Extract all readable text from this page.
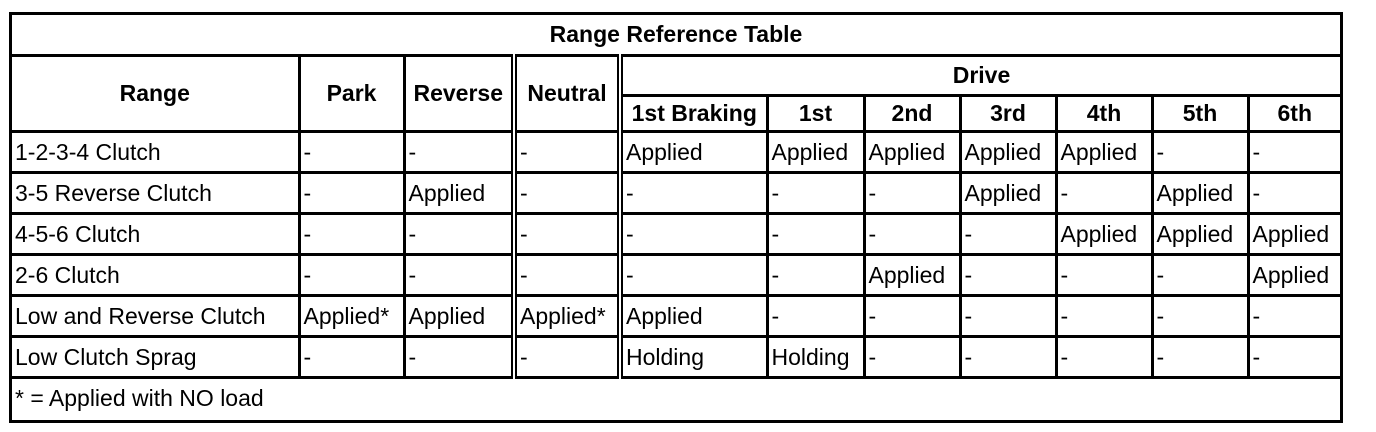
Range Reference Table										
Range	Park	Reverse	Neutral	Drive						
				1st Braking	1st	2nd	3rd	4th	5th	6th
1-2-3-4 Clutch	-	-	-	Applied	Applied	Applied	Applied	Applied	-	-
3-5 Reverse Clutch	-	Applied	-	-	-	-	Applied	-	Applied	-
4-5-6 Clutch	-	-	-	-	-	-	-	Applied	Applied	Applied
2-6 Clutch	-	-	-	-	-	Applied	-	-	-	Applied
Low and Reverse Clutch	Applied*	Applied	Applied*	Applied	-	-	-	-	-	-
Low Clutch Sprag	-	-	-	Holding	Holding	-	-	-	-	-
* = Applied with NO load										
